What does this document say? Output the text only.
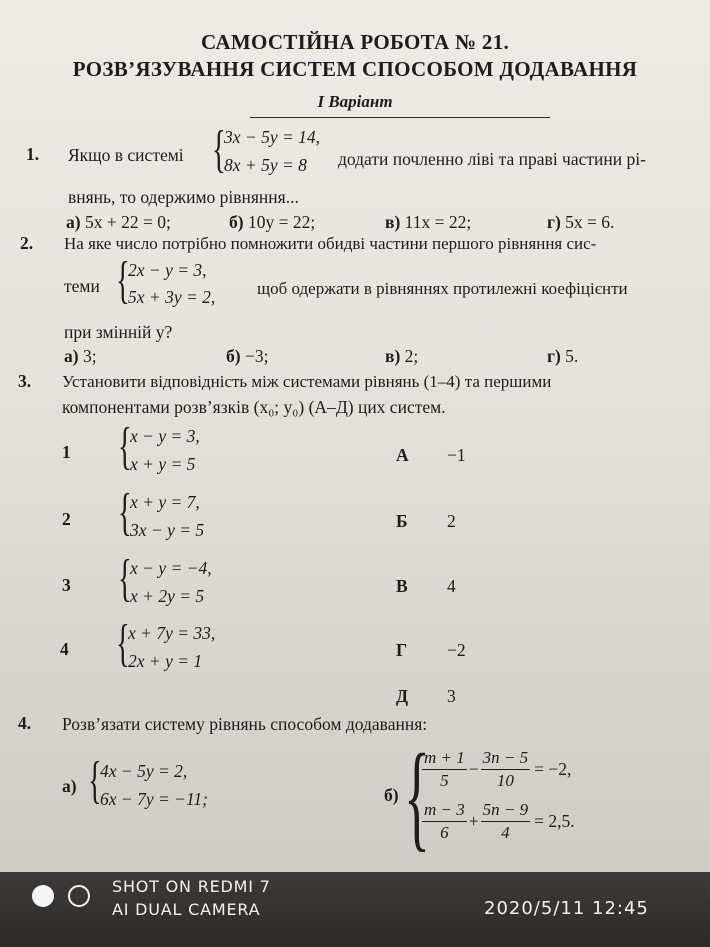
САМОСТІЙНА РОБОТА № 21.
РОЗВ’ЯЗУВАННЯ СИСТЕМ СПОСОБОМ ДОДАВАННЯ
I Варіант
1. Якщо в системі {
3x − 5y = 14,
8x + 5y = 8 додати почленно ліві та праві частини рі-
внянь, то одержимо рівняння...
а) 5x + 22 = 0;	б) 10y = 22;	в) 11x = 22;	г) 5x = 6.
2. На яке число потрібно помножити обидві частини першого рівняння сис-
теми {
2x − y = 3,
5x + 3y = 2, щоб одержати в рівняннях протилежні коефіцієнти
при змінній y?
а) 3;	б) −3;	в) 2;	г) 5.
3. Установити відповідність між системами рівнянь (1–4) та першими
компонентами розв’язків (x₀; y₀) (А–Д) цих систем.
1 {
x − y = 3,
x + y = 5
2 {
x + y = 7,
3x − y = 5
3 {
x − y = −4,
x + 2y = 5
4 {
x + 7y = 33,
2x + y = 1
А −1
Б 2
В 4
Г −2
Д 3
4. Розв’язати систему рівнянь способом додавання:
а) {
4x − 5y = 2,
6x − 7y = −11;	б) {
$\frac{m + 1}{5} - \frac{3n - 5}{10} = -2$,
$\frac{m - 3}{6} + \frac{5n - 9}{4} = 2,5$.
SHOT ON REDMI 7
AI DUAL CAMERA	2020/5/11 12:45
